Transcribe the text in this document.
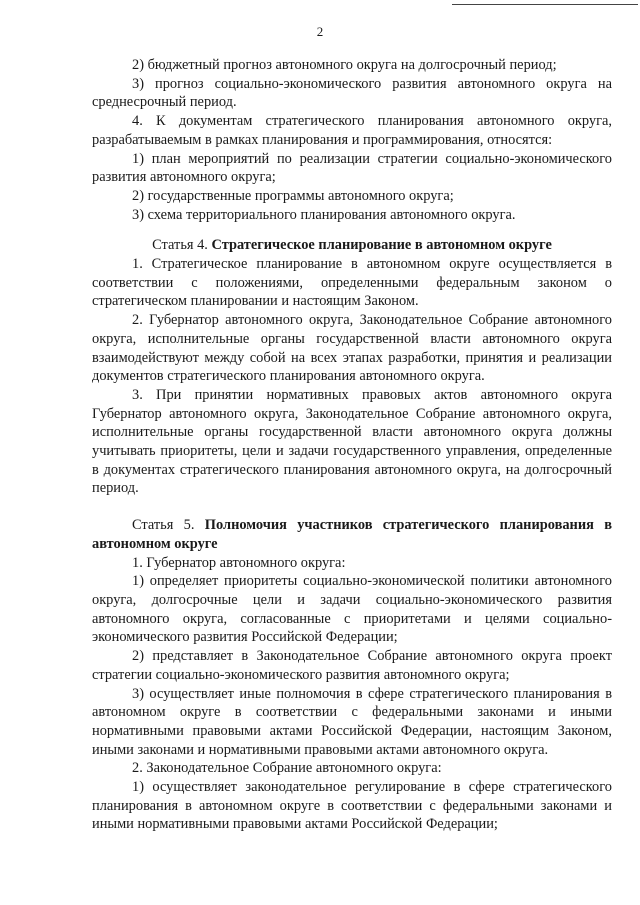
2

2) бюджетный прогноз автономного округа на долгосрочный период;

3) прогноз социально-экономического развития автономного округа на среднесрочный период.

4. К документам стратегического планирования автономного округа, разрабатываемым в рамках планирования и программирования, относятся:

1) план мероприятий по реализации стратегии социально-экономического развития автономного округа;

2) государственные программы автономного округа;

3) схема территориального планирования автономного округа.

Статья 4. Стратегическое планирование в автономном округе

1. Стратегическое планирование в автономном округе осуществляется в соответствии с положениями, определенными федеральным законом о стратегическом планировании и настоящим Законом.

2. Губернатор автономного округа, Законодательное Собрание автономного округа, исполнительные органы государственной власти автономного округа взаимодействуют между собой на всех этапах разработки, принятия и реализации документов стратегического планирования автономного округа.

3. При принятии нормативных правовых актов автономного округа Губернатор автономного округа, Законодательное Собрание автономного округа, исполнительные органы государственной власти автономного округа должны учитывать приоритеты, цели и задачи государственного управления, определенные в документах стратегического планирования автономного округа, на долгосрочный период.

Статья 5. Полномочия участников стратегического планирования в автономном округе

1. Губернатор автономного округа:

1) определяет приоритеты социально-экономической политики автономного округа, долгосрочные цели и задачи социально-экономического развития автономного округа, согласованные с приоритетами и целями социально-экономического развития Российской Федерации;

2) представляет в Законодательное Собрание автономного округа проект стратегии социально-экономического развития автономного округа;

3) осуществляет иные полномочия в сфере стратегического планирования в автономном округе в соответствии с федеральными законами и иными нормативными правовыми актами Российской Федерации, настоящим Законом, иными законами и нормативными правовыми актами автономного округа.

2. Законодательное Собрание автономного округа:

1) осуществляет законодательное регулирование в сфере стратегического планирования в автономном округе в соответствии с федеральными законами и иными нормативными правовыми актами Российской Федерации;
